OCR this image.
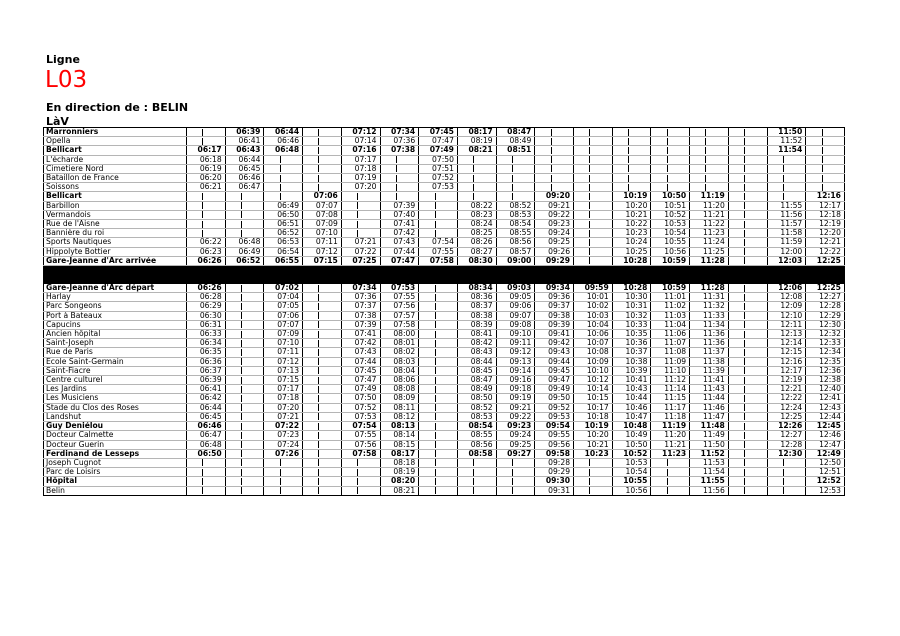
Ligne
L03
En direction de : BELIN
LàV
Marronniers		06:39	06:44		07:12	07:34	07:45	08:17	08:47							11:50	
Opella		06:41	06:46		07:14	07:36	07:47	08:19	08:49							11:52	
Bellicart	06:17	06:43	06:48		07:16	07:38	07:49	08:21	08:51							11:54	
L'écharde	06:18	06:44			07:17		07:50										
Cimetiere Nord	06:19	06:45			07:18		07:51										
Bataillon de France	06:20	06:46			07:19		07:52										
Soissons	06:21	06:47			07:20		07:53										
Bellicart				07:06						09:20		10:19	10:50	11:19			12:16
Barbillon			06:49	07:07		07:39		08:22	08:52	09:21		10:20	10:51	11:20		11:55	12:17
Vermandois			06:50	07:08		07:40		08:23	08:53	09:22		10:21	10:52	11:21		11:56	12:18
Rue de l'Aisne			06:51	07:09		07:41		08:24	08:54	09:23		10:22	10:53	11:22		11:57	12:19
Bannière du roi			06:52	07:10		07:42		08:25	08:55	09:24		10:23	10:54	11:23		11:58	12:20
Sports Nautiques	06:22	06:48	06:53	07:11	07:21	07:43	07:54	08:26	08:56	09:25		10:24	10:55	11:24		11:59	12:21
Hippolyte Bottier	06:23	06:49	06:54	07:12	07:22	07:44	07:55	08:27	08:57	09:26		10:25	10:56	11:25		12:00	12:22
Gare-Jeanne d'Arc arrivée	06:26	06:52	06:55	07:15	07:25	07:47	07:58	08:30	09:00	09:29		10:28	10:59	11:28		12:03	12:25

Gare-Jeanne d'Arc départ	06:26		07:02		07:34	07:53		08:34	09:03	09:34	09:59	10:28	10:59	11:28		12:06	12:25
Harlay	06:28		07:04		07:36	07:55		08:36	09:05	09:36	10:01	10:30	11:01	11:31		12:08	12:27
Parc Songeons	06:29		07:05		07:37	07:56		08:37	09:06	09:37	10:02	10:31	11:02	11:32		12:09	12:28
Port à Bateaux	06:30		07:06		07:38	07:57		08:38	09:07	09:38	10:03	10:32	11:03	11:33		12:10	12:29
Capucins	06:31		07:07		07:39	07:58		08:39	09:08	09:39	10:04	10:33	11:04	11:34		12:11	12:30
Ancien hôpital	06:33		07:09		07:41	08:00		08:41	09:10	09:41	10:06	10:35	11:06	11:36		12:13	12:32
Saint-Joseph	06:34		07:10		07:42	08:01		08:42	09:11	09:42	10:07	10:36	11:07	11:36		12:14	12:33
Rue de Paris	06:35		07:11		07:43	08:02		08:43	09:12	09:43	10:08	10:37	11:08	11:37		12:15	12:34
Ecole Saint-Germain	06:36		07:12		07:44	08:03		08:44	09:13	09:44	10:09	10:38	11:09	11:38		12:16	12:35
Saint-Fiacre	06:37		07:13		07:45	08:04		08:45	09:14	09:45	10:10	10:39	11:10	11:39		12:17	12:36
Centre culturel	06:39		07:15		07:47	08:06		08:47	09:16	09:47	10:12	10:41	11:12	11:41		12:19	12:38
Les Jardins	06:41		07:17		07:49	08:08		08:49	09:18	09:49	10:14	10:43	11:14	11:43		12:21	12:40
Les Musiciens	06:42		07:18		07:50	08:09		08:50	09:19	09:50	10:15	10:44	11:15	11:44		12:22	12:41
Stade du Clos des Roses	06:44		07:20		07:52	08:11		08:52	09:21	09:52	10:17	10:46	11:17	11:46		12:24	12:43
Landshut	06:45		07:21		07:53	08:12		08:53	09:22	09:53	10:18	10:47	11:18	11:47		12:25	12:44
Guy Deniélou	06:46		07:22		07:54	08:13		08:54	09:23	09:54	10:19	10:48	11:19	11:48		12:26	12:45
Docteur Calmette	06:47		07:23		07:55	08:14		08:55	09:24	09:55	10:20	10:49	11:20	11:49		12:27	12:46
Docteur Guerin	06:48		07:24		07:56	08:15		08:56	09:25	09:56	10:21	10:50	11:21	11:50		12:28	12:47
Ferdinand de Lesseps	06:50		07:26		07:58	08:17		08:58	09:27	09:58	10:23	10:52	11:23	11:52		12:30	12:49
Joseph Cugnot						08:18				09:28		10:53		11:53			12:50
Parc de Loisirs						08:19				09:29		10:54		11:54			12:51
Hôpital						08:20				09:30		10:55		11:55			12:52
Belin						08:21				09:31		10:56		11:56			12:53
